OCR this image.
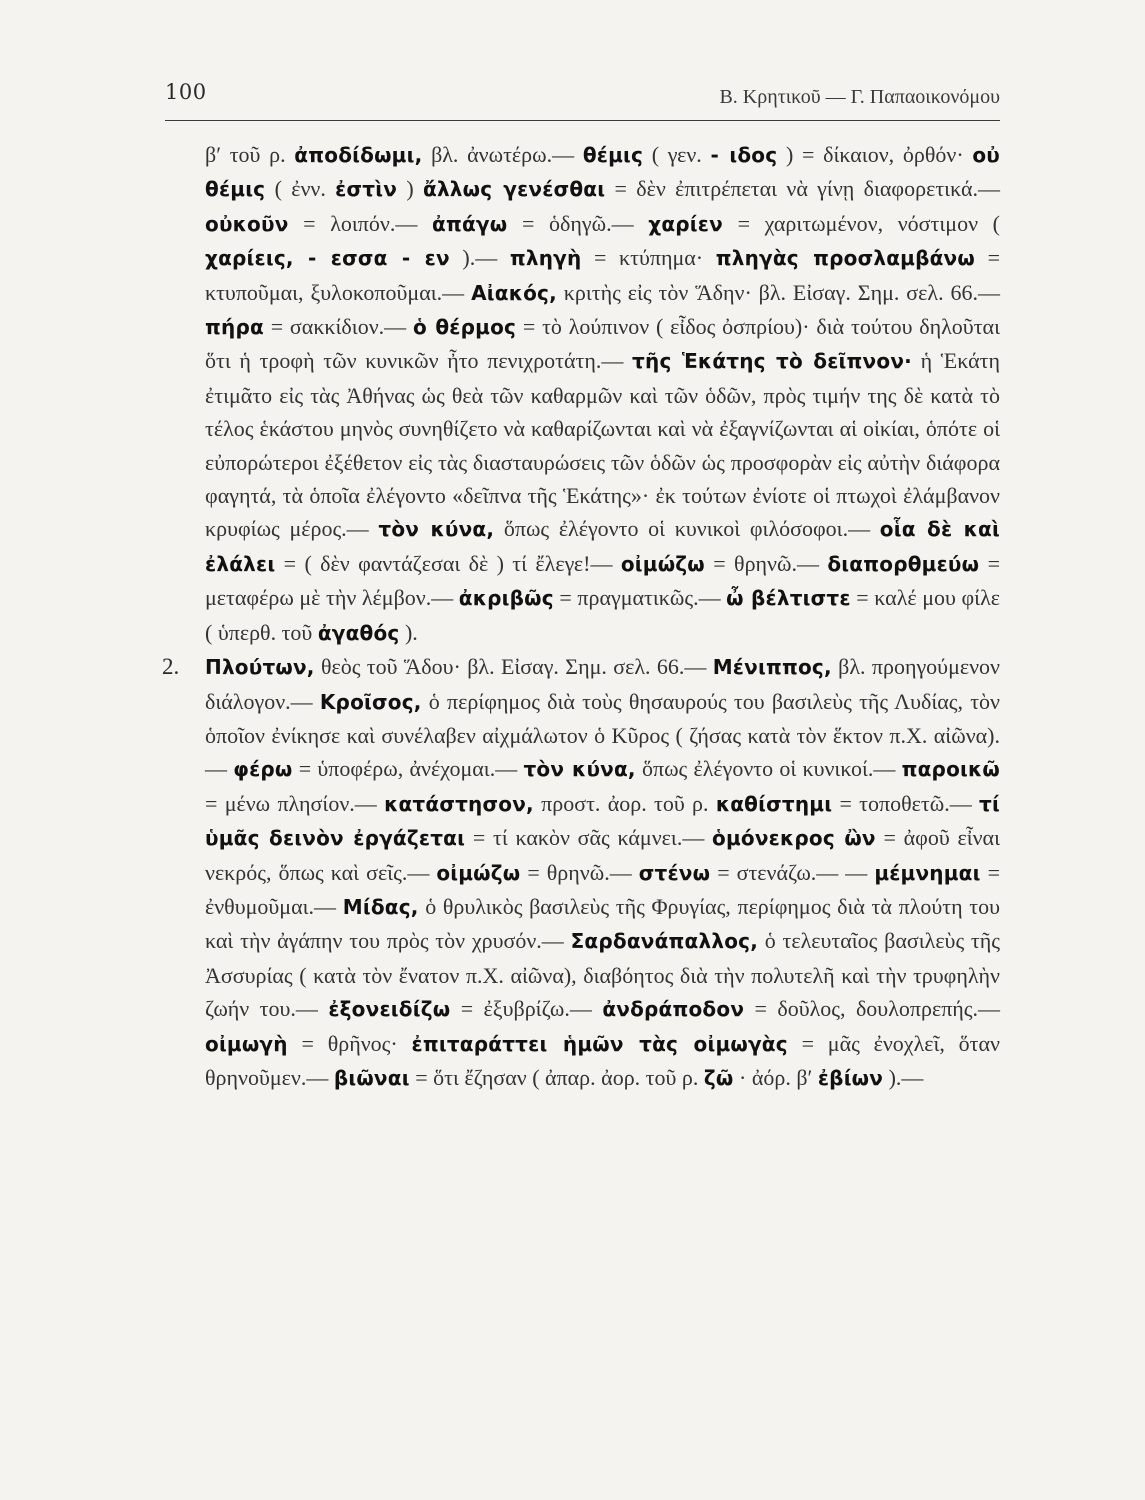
100	Β. Κρητικοῦ — Γ. Παπαοικονόμου

β′ τοῦ ρ. ἀποδίδωμι, βλ. ἀνωτέρω.— θέμις ( γεν. - ιδος ) = δίκαιον, ὀρθόν· οὐ θέμις ( ἐνν. ἐστὶν ) ἄλλως γενέσθαι = δὲν ἐπιτρέπεται νὰ γίνῃ διαφορετικά.— οὐκοῦν = λοιπόν.— ἀπάγω = ὁδηγῶ.— χαρίεν = χαριτωμένον, νόστιμον ( χαρίεις, - εσσα - εν ).— πληγὴ = κτύπημα· πληγὰς προσλαμβάνω = κτυποῦμαι, ξυλοκοποῦμαι.— Αἰακός, κριτὴς εἰς τὸν Ἅδην· βλ. Εἰσαγ. Σημ. σελ. 66.— πήρα = σακκίδιον.— ὁ θέρμος = τὸ λούπινον ( εἶδος ὀσπρίου)· διὰ τούτου δηλοῦται ὅτι ἡ τροφὴ τῶν κυνικῶν ἦτο πενιχροτάτη.— τῆς Ἑκάτης τὸ δεῖπνον· ἡ Ἑκάτη ἐτιμᾶτο εἰς τὰς Ἀθήνας ὡς θεὰ τῶν καθαρμῶν καὶ τῶν ὁδῶν, πρὸς τιμήν της δὲ κατὰ τὸ τέλος ἑκάστου μηνὸς συνηθίζετο νὰ καθαρίζωνται καὶ νὰ ἐξαγνίζωνται αἱ οἰκίαι, ὁπότε οἱ εὐπορώτεροι ἐξέθετον εἰς τὰς διασταυρώσεις τῶν ὁδῶν ὡς προσφορὰν εἰς αὐτὴν διάφορα φαγητά, τὰ ὁποῖα ἐλέγοντο «δεῖπνα τῆς Ἑκάτης»· ἐκ τούτων ἐνίοτε οἱ πτωχοὶ ἐλάμβανον κρυφίως μέρος.— τὸν κύνα, ὅπως ἐλέγοντο οἱ κυνικοὶ φιλόσοφοι.— οἷα δὲ καὶ ἐλάλει = ( δὲν φαντάζεσαι δὲ ) τί ἔλεγε!— οἰμώζω = θρηνῶ.— διαπορθμεύω = μεταφέρω μὲ τὴν λέμβον.— ἀκριβῶς = πραγματικῶς.— ὦ βέλτιστε = καλέ μου φίλε ( ὑπερθ. τοῦ ἀγαθός ).

2. Πλούτων, θεὸς τοῦ Ἅδου· βλ. Εἰσαγ. Σημ. σελ. 66.— Μένιππος, βλ. προηγούμενον διάλογον.— Κροῖσος, ὁ περίφημος διὰ τοὺς θησαυρούς του βασιλεὺς τῆς Λυδίας, τὸν ὁποῖον ἐνίκησε καὶ συνέλαβεν αἰχμάλωτον ὁ Κῦρος ( ζήσας κατὰ τὸν ἕκτον π.Χ. αἰῶνα).— φέρω = ὑποφέρω, ἀνέχομαι.— τὸν κύνα, ὅπως ἐλέγοντο οἱ κυνικοί.— παροικῶ = μένω πλησίον.— κατάστησον, προστ. ἀορ. τοῦ ρ. καθίστημι = τοποθετῶ.— τί ὑμᾶς δεινὸν ἐργάζεται = τί κακὸν σᾶς κάμνει.— ὁμόνεκρος ὢν = ἀφοῦ εἶναι νεκρός, ὅπως καὶ σεῖς.— οἰμώζω = θρηνῶ.— στένω = στενάζω.— — μέμνημαι = ἐνθυμοῦμαι.— Μίδας, ὁ θρυλικὸς βασιλεὺς τῆς Φρυγίας, περίφημος διὰ τὰ πλούτη του καὶ τὴν ἀγάπην του πρὸς τὸν χρυσόν.— Σαρδανάπαλλος, ὁ τελευταῖος βασιλεὺς τῆς Ἀσσυρίας ( κατὰ τὸν ἔνατον π.Χ. αἰῶνα), διαβόητος διὰ τὴν πολυτελῆ καὶ τὴν τρυφηλὴν ζωήν του.— ἐξονειδίζω = ἐξυβρίζω.— ἀνδράποδον = δοῦλος, δουλοπρεπής.— οἰμωγὴ = θρῆνος· ἐπιταράττει ἡμῶν τὰς οἰμωγὰς = μᾶς ἐνοχλεῖ, ὅταν θρηνοῦμεν.— βιῶναι = ὅτι ἔζησαν ( ἀπαρ. ἀορ. τοῦ ρ. ζῶ · ἀόρ. β′ ἐβίων ).—
